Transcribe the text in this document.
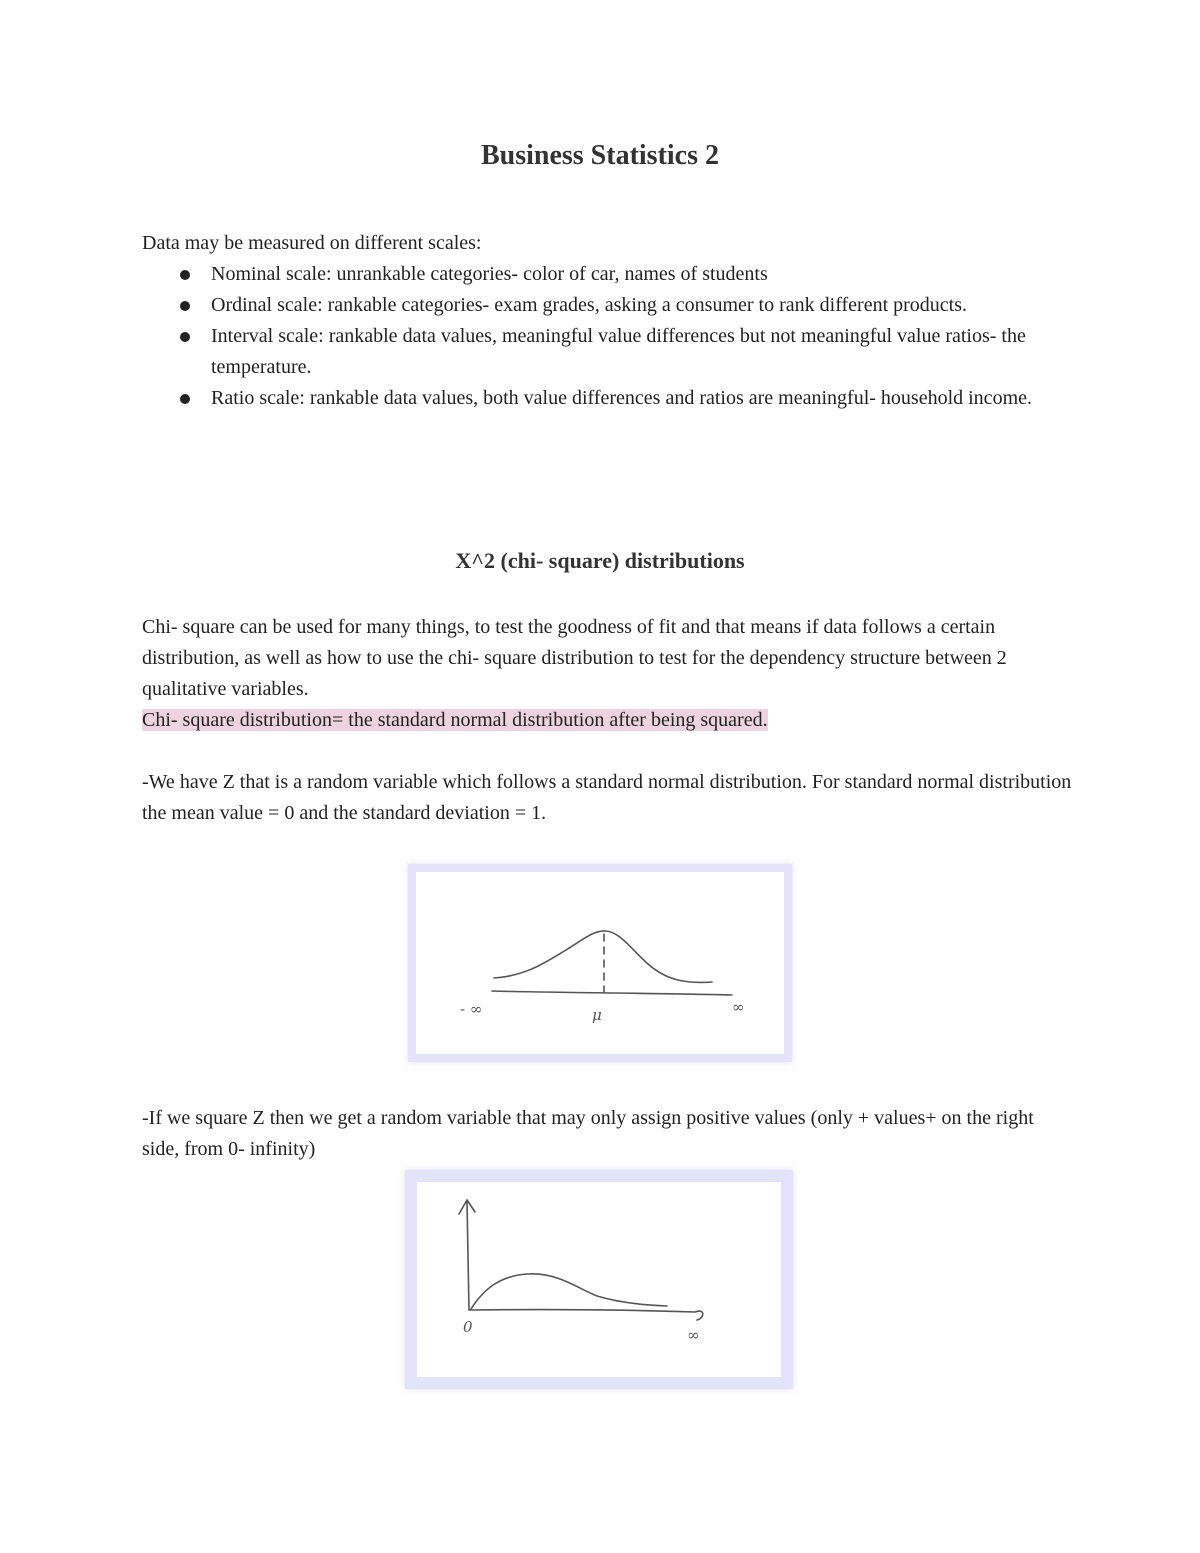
Business Statistics 2

Data may be measured on different scales:

Nominal scale: unrankable categories- color of car, names of students
Ordinal scale: rankable categories- exam grades, asking a consumer to rank different products.
Interval scale: rankable data values, meaningful value differences but not meaningful value ratios- the temperature.
Ratio scale: rankable data values, both value differences and ratios are meaningful- household income.
X^2 (chi- square) distributions
Chi- square can be used for many things, to test the goodness of fit and that means if data follows a certain distribution, as well as how to use the chi- square distribution to test for the dependency structure between 2 qualitative variables.
Chi- square distribution= the standard normal distribution after being squared.

-We have Z that is a random variable which follows a standard normal distribution. For standard normal distribution the mean value = 0 and the standard deviation = 1.

- ∞	μ	∞

-If we square Z then we get a random variable that may only assign positive values (only + values+ on the right side, from 0- infinity)

0	∞
